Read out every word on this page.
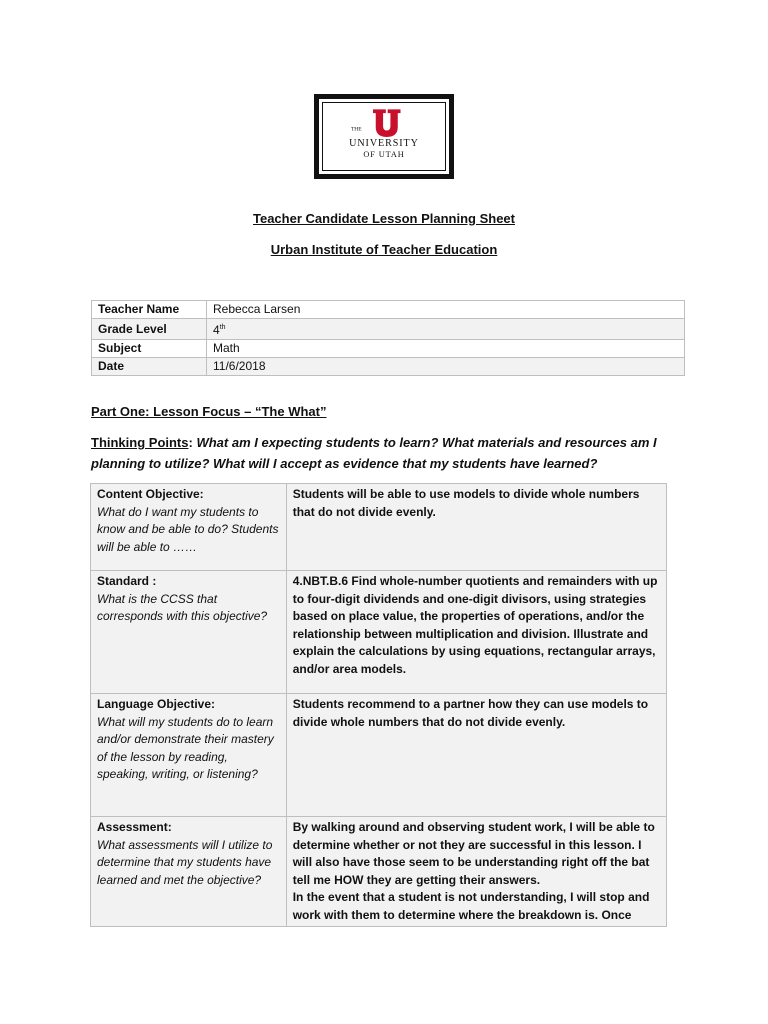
THE
UNIVERSITY
OF UTAH
Teacher Candidate Lesson Planning Sheet
Urban Institute of Teacher Education
Teacher Name	Rebecca Larsen
Grade Level	4th
Subject	Math
Date	11/6/2018
Part One: Lesson Focus – “The What”
Thinking Points: What am I expecting students to learn? What materials and resources am I planning to utilize? What will I accept as evidence that my students have learned?
Content Objective:
What do I want my students to know and be able to do? Students will be able to ……	Students will be able to use models to divide whole numbers that do not divide evenly.

Standard :
What is the CCSS that corresponds with this objective?	4.NBT.B.6 Find whole-number quotients and remainders with up to four-digit dividends and one-digit divisors, using strategies based on place value, the properties of operations, and/or the relationship between multiplication and division. Illustrate and explain the calculations by using equations, rectangular arrays, and/or area models.

Language Objective:
What will my students do to learn and/or demonstrate their mastery of the lesson by reading, speaking, writing, or listening?	Students recommend to a partner how they can use models to divide whole numbers that do not divide evenly.

Assessment:
What assessments will I utilize to determine that my students have learned and met the objective?	By walking around and observing student work, I will be able to determine whether or not they are successful in this lesson. I will also have those seem to be understanding right off the bat tell me HOW they are getting their answers.
In the event that a student is not understanding, I will stop and work with them to determine where the breakdown is. Once
